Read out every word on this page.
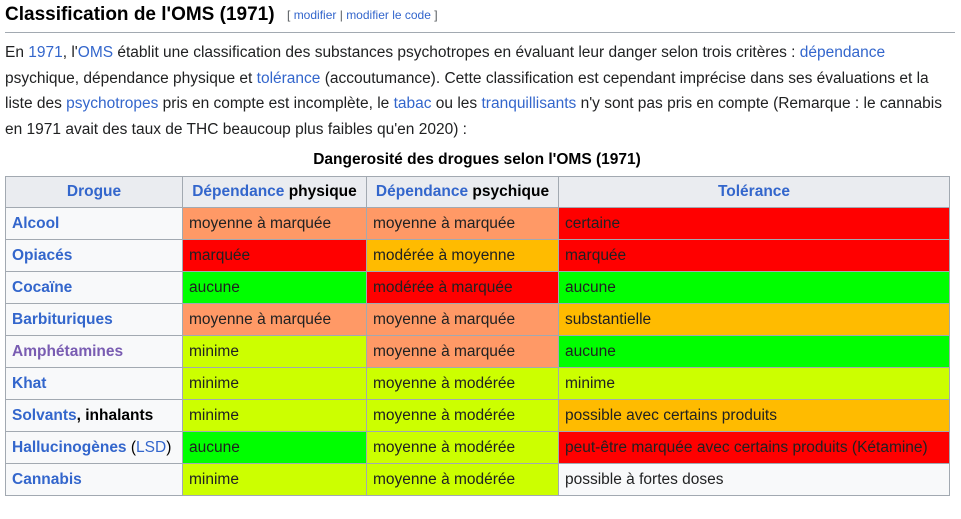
Classification de l'OMS (1971) [ modifier | modifier le code ]

En 1971, l'OMS établit une classification des substances psychotropes en évaluant leur danger selon trois critères : dépendance psychique, dépendance physique et tolérance (accoutumance). Cette classification est cependant imprécise dans ses évaluations et la liste des psychotropes pris en compte est incomplète, le tabac ou les tranquillisants n'y sont pas pris en compte (Remarque : le cannabis en 1971 avait des taux de THC beaucoup plus faibles qu'en 2020) :

Dangerosité des drogues selon l'OMS (1971)
Drogue	Dépendance physique	Dépendance psychique	Tolérance
Alcool	moyenne à marquée	moyenne à marquée	certaine
Opiacés	marquée	modérée à moyenne	marquée
Cocaïne	aucune	modérée à marquée	aucune
Barbituriques	moyenne à marquée	moyenne à marquée	substantielle
Amphétamines	minime	moyenne à marquée	aucune
Khat	minime	moyenne à modérée	minime
Solvants, inhalants	minime	moyenne à modérée	possible avec certains produits
Hallucinogènes (LSD)	aucune	moyenne à modérée	peut-être marquée avec certains produits (Kétamine)
Cannabis	minime	moyenne à modérée	possible à fortes doses
